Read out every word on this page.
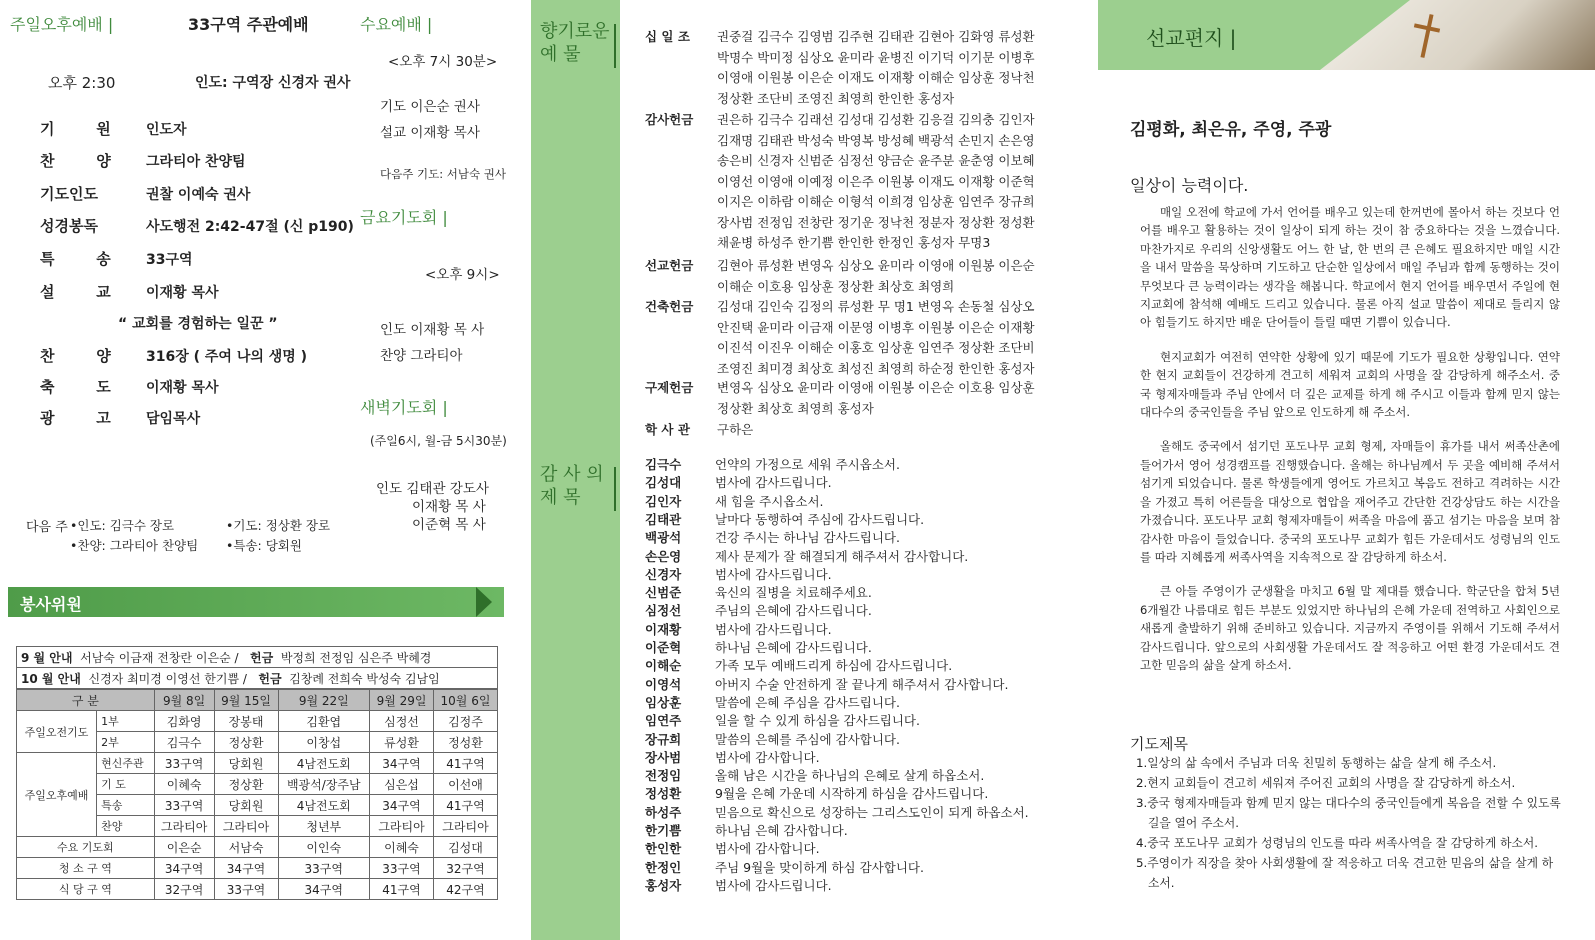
주일오후예배 |	33구역 주관예배
오후 2:30	인도: 구역장 신경자 권사
기        원	인도자
찬        양	그라티아 찬양팀
기도인도	권찰 이예숙 권사
성경봉독	사도행전 2:42-47절 (신 p190)
특        송	33구역
설        교	이재황 목사
“ 교회를 경험하는 일꾼 ”
찬        양	316장 ( 주여 나의 생명 )
축        도	이재황 목사
광        고	담임목사
다음 주 •인도: 김극수 장로	•기도: 정상환 장로
•찬양: 그라티아 찬양팀 •특송: 당회원
수요예배 |
<오후 7시 30분>
기도 이은순 권사
설교 이재황 목사
다음주 기도: 서남숙 권사
금요기도회 |
<오후 9시>
인도 이재황 목 사
찬양 그라티아
새벽기도회 |
(주일6시, 월-금 5시30분)
인도 김태관 강도사
이재황 목 사
이준혁 목 사
봉사위원
9 월 안내 서남숙 이금재 전창란 이은순 /   헌금 박정희 전정임 심은주 박혜경
10 월 안내 신경자 최미경 이영선 한기쁨 /   헌금 김창례 전희숙 박성숙 김남임
구 분		9월 8일	9월 15일	9월 22일	9월 29일	10월 6일
주일오전기도	1부	김화영	장봉태	김환엽	심정선	김정주
	2부	김극수	정상환	이창섭	류성환	정성환
주일오후예배	현신주관	33구역	당회원	4남전도회	34구역	41구역
	기 도	이혜숙	정상환	백광석/장주남	심은섭	이선애
	특송	33구역	당회원	4남전도회	34구역	41구역
	찬양	그라티아	그라티아	청년부	그라티아	그라티아
수요 기도회		이은순	서남숙	이인숙	이혜숙	김성대
청 소 구 역		34구역	34구역	33구역	33구역	32구역
식 당 구 역		32구역	33구역	34구역	41구역	42구역
향기로운
예 물
감 사 의
제 목
십 일 조	권중걸 김극수 김영범 김주현 김태관 김현아 김화영 류성환
박명수 박미정 심상오 윤미라 윤병진 이기덕 이기문 이병후
이영애 이원봉 이은순 이재도 이재황 이해순 임상훈 정낙천
정상환 조단비 조영진 최영희 한인한 홍성자
감사헌금	권은하 김극수 김래선 김성대 김성환 김응걸 김의충 김인자
김재명 김태관 박성숙 박영복 방성혜 백광석 손민지 손은영
송은비 신경자 신범준 심정선 양금순 윤주분 윤춘영 이보혜
이영선 이영애 이예정 이은주 이원봉 이재도 이재황 이준혁
이지은 이하람 이해순 이형석 이희경 임상훈 임연주 장규희
장사범 전정임 전창란 정기운 정낙천 정분자 정상환 정성환
채윤병 하성주 한기쁨 한인한 한정인 홍성자 무명3
선교헌금	김현아 류성환 변영옥 심상오 윤미라 이영애 이원봉 이은순
이해순 이호용 임상훈 정상환 최상호 최영희
건축헌금	김성대 김인숙 김정의 류성환 무 명1 변영옥 손동철 심상오
안진택 윤미라 이금재 이문영 이병후 이원봉 이은순 이재황
이진석 이진우 이해순 이홍호 임상훈 임연주 정상환 조단비
조영진 최미경 최상호 최성진 최영희 하순정 한인한 홍성자
구제헌금	변영옥 심상오 윤미라 이영애 이원봉 이은순 이호용 임상훈
정상환 최상호 최영희 홍성자
학 사 관	구하은
김극수	언약의 가정으로 세워 주시옵소서.
김성대	범사에 감사드립니다.
김인자	새 힘을 주시옵소서.
김태관	날마다 동행하여 주심에 감사드립니다.
백광석	건강 주시는 하나님 감사드립니다.
손은영	제사 문제가 잘 해결되게 해주셔서 감사합니다.
신경자	범사에 감사드립니다.
신범준	육신의 질병을 치료해주세요.
심정선	주님의 은혜에 감사드립니다.
이재황	범사에 감사드립니다.
이준혁	하나님 은혜에 감사드립니다.
이해순	가족 모두 예배드리게 하심에 감사드립니다.
이영석	아버지 수술 안전하게 잘 끝나게 해주셔서 감사합니다.
임상훈	말씀에 은혜 주심을 감사드립니다.
임연주	일을 할 수 있게 하심을 감사드립니다.
장규희	말씀의 은혜를 주심에 감사합니다.
장사범	범사에 감사합니다.
전정임	올해 남은 시간을 하나님의 은혜로 살게 하옵소서.
정성환	9월을 은혜 가운데 시작하게 하심을 감사드립니다.
하성주	믿음으로 확신으로 성장하는 그리스도인이 되게 하옵소서.
한기쁨	하나님 은혜 감사합니다.
한인한	범사에 감사합니다.
한정인	주님 9월을 맞이하게 하심 감사합니다.
홍성자	범사에 감사드립니다.
선교편지 |
김평화, 최은유, 주영, 주광
일상이 능력이다.

매일 오전에 학교에 가서 언어를 배우고 있는데 한꺼번에 몰아서 하는 것보다 언어를 배우고 활용하는 것이 일상이 되게 하는 것이 참 중요하다는 것을 느꼈습니다. 마찬가지로 우리의 신앙생활도 어느 한 날, 한 번의 큰 은혜도 필요하지만 매일 시간을 내서 말씀을 묵상하며 기도하고 단순한 일상에서 매일 주님과 함께 동행하는 것이 무엇보다 큰 능력이라는 생각을 해봅니다. 학교에서 현지 언어를 배우면서 주일에 현지교회에 참석해 예배도 드리고 있습니다. 물론 아직 설교 말씀이 제대로 들리지 않아 힘들기도 하지만 배운 단어들이 들릴 때면 기쁨이 있습니다.

현지교회가 여전히 연약한 상황에 있기 때문에 기도가 필요한 상황입니다. 연약한 현지 교회들이 건강하게 견고히 세워져 교회의 사명을 잘 감당하게 해주소서. 중국 형제자매들과 주님 안에서 더 깊은 교제를 하게 해 주시고 이들과 함께 믿지 않는 대다수의 중국인들을 주님 앞으로 인도하게 해 주소서.

올해도 중국에서 섬기던 포도나무 교회 형제, 자매들이 휴가를 내서 써족산촌에 들어가서 영어 성경캠프를 진행했습니다. 올해는 하나님께서 두 곳을 예비해 주셔서 섬기게 되었습니다. 물론 학생들에게 영어도 가르치고 복음도 전하고 격려하는 시간을 가졌고 특히 어른들을 대상으로 협압을 재어주고 간단한 건강상담도 하는 시간을 가졌습니다. 포도나무 교회 형제자매들이 써족을 마음에 품고 섬기는 마음을 보며 참 감사한 마음이 들었습니다. 중국의 포도나무 교회가 힘든 가운데서도 성령님의 인도를 따라 지혜롭게 써족사역을 지속적으로 잘 감당하게 하소서.

큰 아들 주영이가 군생활을 마치고 6월 말 제대를 했습니다. 학군단을 합쳐 5년 6개월간 나름대로 힘든 부분도 있었지만 하나님의 은혜 가운데 전역하고 사회인으로 새롭게 출발하기 위해 준비하고 있습니다. 지금까지 주영이를 위해서 기도해 주셔서 감사드립니다. 앞으로의 사회생활 가운데서도 잘 적응하고 어떤 환경 가운데서도 견고한 믿음의 삶을 살게 하소서.

기도제목
1.일상의 삶 속에서 주님과 더욱 친밀히 동행하는 삶을 살게 해 주소서.
2.현지 교회들이 견고히 세워져 주어진 교회의 사명을 잘 감당하게 하소서.
3.중국 형제자매들과 함께 믿지 않는 대다수의 중국인들에게 복음을 전할 수 있도록 길을 열어 주소서.
4.중국 포도나무 교회가 성령님의 인도를 따라 써족사역을 잘 감당하게 하소서.
5.주영이가 직장을 찾아 사회생활에 잘 적응하고 더욱 견고한 믿음의 삶을 살게 하소서.
